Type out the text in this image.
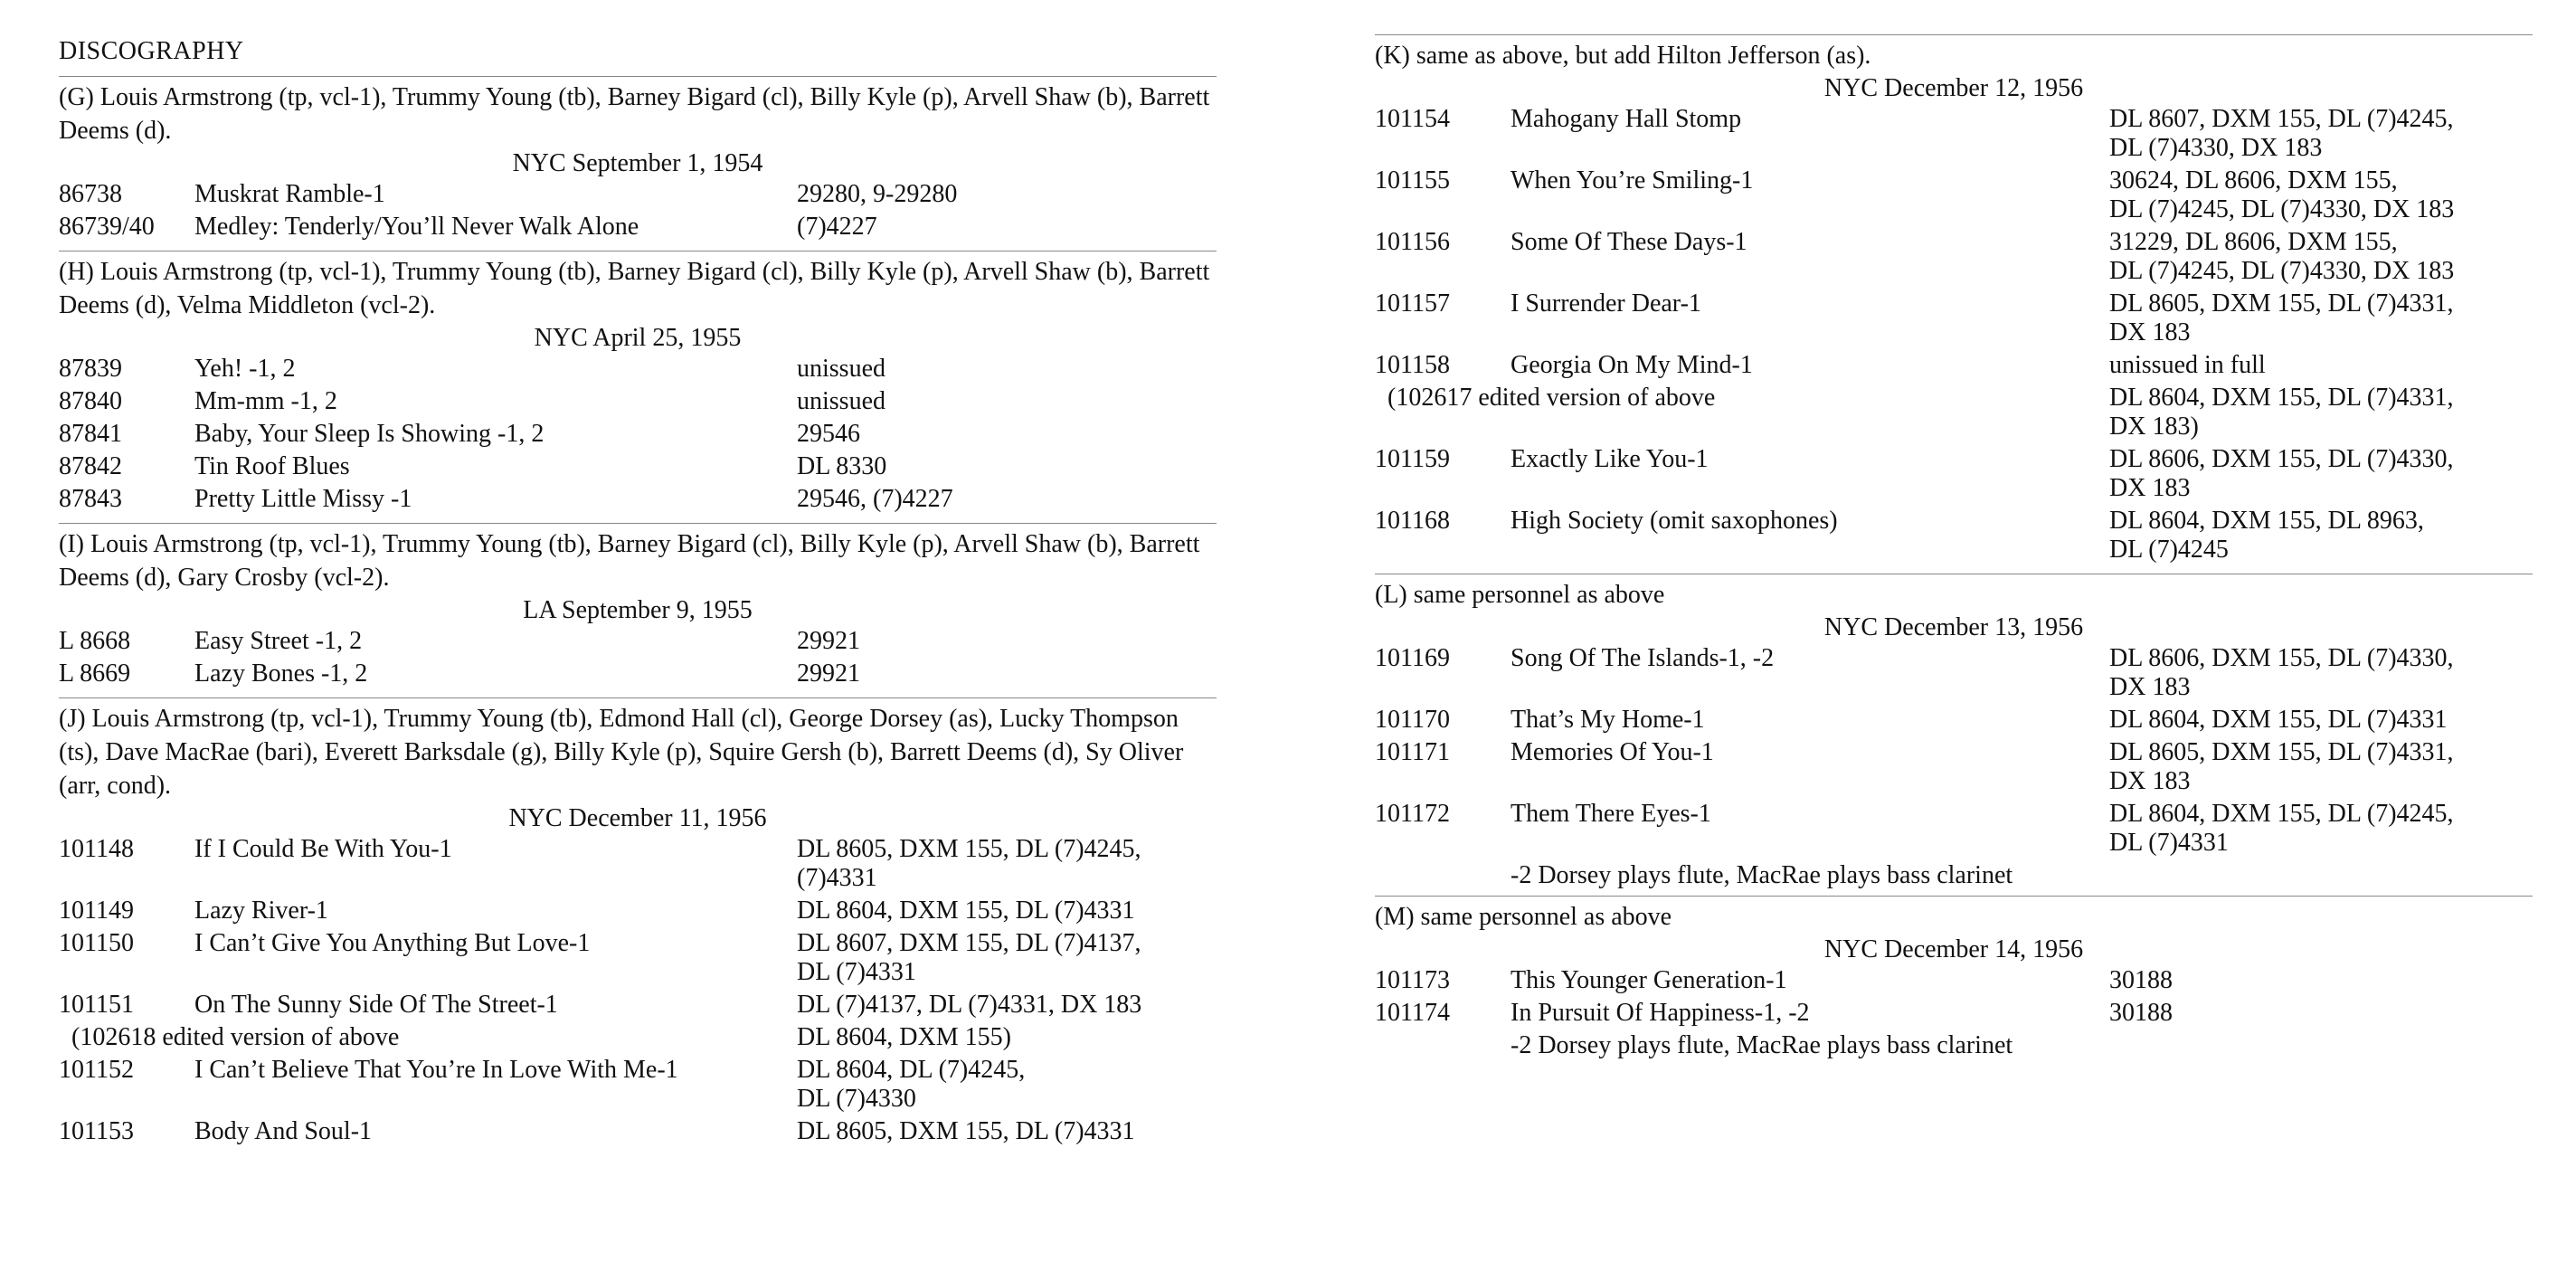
DISCOGRAPHY
(G) Louis Armstrong (tp, vcl-1), Trummy Young (tb), Barney Bigard (cl), Billy Kyle (p), Arvell Shaw (b), Barrett Deems (d).
NYC September 1, 1954
86738	Muskrat Ramble-1	29280, 9-29280
86739/40 Medley: Tenderly/You’ll Never Walk Alone	(7)4227
(H) Louis Armstrong (tp, vcl-1), Trummy Young (tb), Barney Bigard (cl), Billy Kyle (p), Arvell Shaw (b), Barrett Deems (d), Velma Middleton (vcl-2).
NYC April 25, 1955
87839	Yeh! -1, 2	unissued
87840	Mm-mm -1, 2	unissued
87841	Baby, Your Sleep Is Showing -1, 2	29546
87842	Tin Roof Blues	DL 8330
87843	Pretty Little Missy -1	29546, (7)4227
(I) Louis Armstrong (tp, vcl-1), Trummy Young (tb), Barney Bigard (cl), Billy Kyle (p), Arvell Shaw (b), Barrett Deems (d), Gary Crosby (vcl-2).
LA September 9, 1955
L 8668	Easy Street -1, 2	29921
L 8669	Lazy Bones -1, 2	29921
(J) Louis Armstrong (tp, vcl-1), Trummy Young (tb), Edmond Hall (cl), George Dorsey (as), Lucky Thompson (ts), Dave MacRae (bari), Everett Barksdale (g), Billy Kyle (p), Squire Gersh (b), Barrett Deems (d), Sy Oliver (arr, cond).
NYC December 11, 1956
101148 If I Could Be With You-1	DL 8605, DXM 155, DL (7)4245,
(7)4331
101149 Lazy River-1	DL 8604, DXM 155, DL (7)4331
101150 I Can’t Give You Anything But Love-1	DL 8607, DXM 155, DL (7)4137,
DL (7)4331
101151 On The Sunny Side Of The Street-1	DL (7)4137, DL (7)4331, DX 183
(102618 edited version of above	DL 8604, DXM 155)
101152 I Can’t Believe That You’re In Love With Me-1	DL 8604, DL (7)4245,
DL (7)4330
101153 Body And Soul-1	DL 8605, DXM 155, DL (7)4331
(K) same as above, but add Hilton Jefferson (as).
NYC December 12, 1956
101154 Mahogany Hall Stomp	DL 8607, DXM 155, DL (7)4245,
DL (7)4330, DX 183
101155 When You’re Smiling-1	30624, DL 8606, DXM 155,
DL (7)4245, DL (7)4330, DX 183
101156 Some Of These Days-1	31229, DL 8606, DXM 155,
DL (7)4245, DL (7)4330, DX 183
101157 I Surrender Dear-1	DL 8605, DXM 155, DL (7)4331,
DX 183
101158 Georgia On My Mind-1	unissued in full
(102617 edited version of above	DL 8604, DXM 155, DL (7)4331,
DX 183)
101159 Exactly Like You-1	DL 8606, DXM 155, DL (7)4330,
DX 183
101168 High Society (omit saxophones)	DL 8604, DXM 155, DL 8963,
DL (7)4245
(L) same personnel as above
NYC December 13, 1956
101169 Song Of The Islands-1, -2	DL 8606, DXM 155, DL (7)4330,
DX 183
101170 That’s My Home-1	DL 8604, DXM 155, DL (7)4331
101171 Memories Of You-1	DL 8605, DXM 155, DL (7)4331,
DX 183
101172 Them There Eyes-1	DL 8604, DXM 155, DL (7)4245,
DL (7)4331
-2 Dorsey plays flute, MacRae plays bass clarinet
(M) same personnel as above
NYC December 14, 1956
101173 This Younger Generation-1	30188
101174 In Pursuit Of Happiness-1, -2	30188
-2 Dorsey plays flute, MacRae plays bass clarinet
